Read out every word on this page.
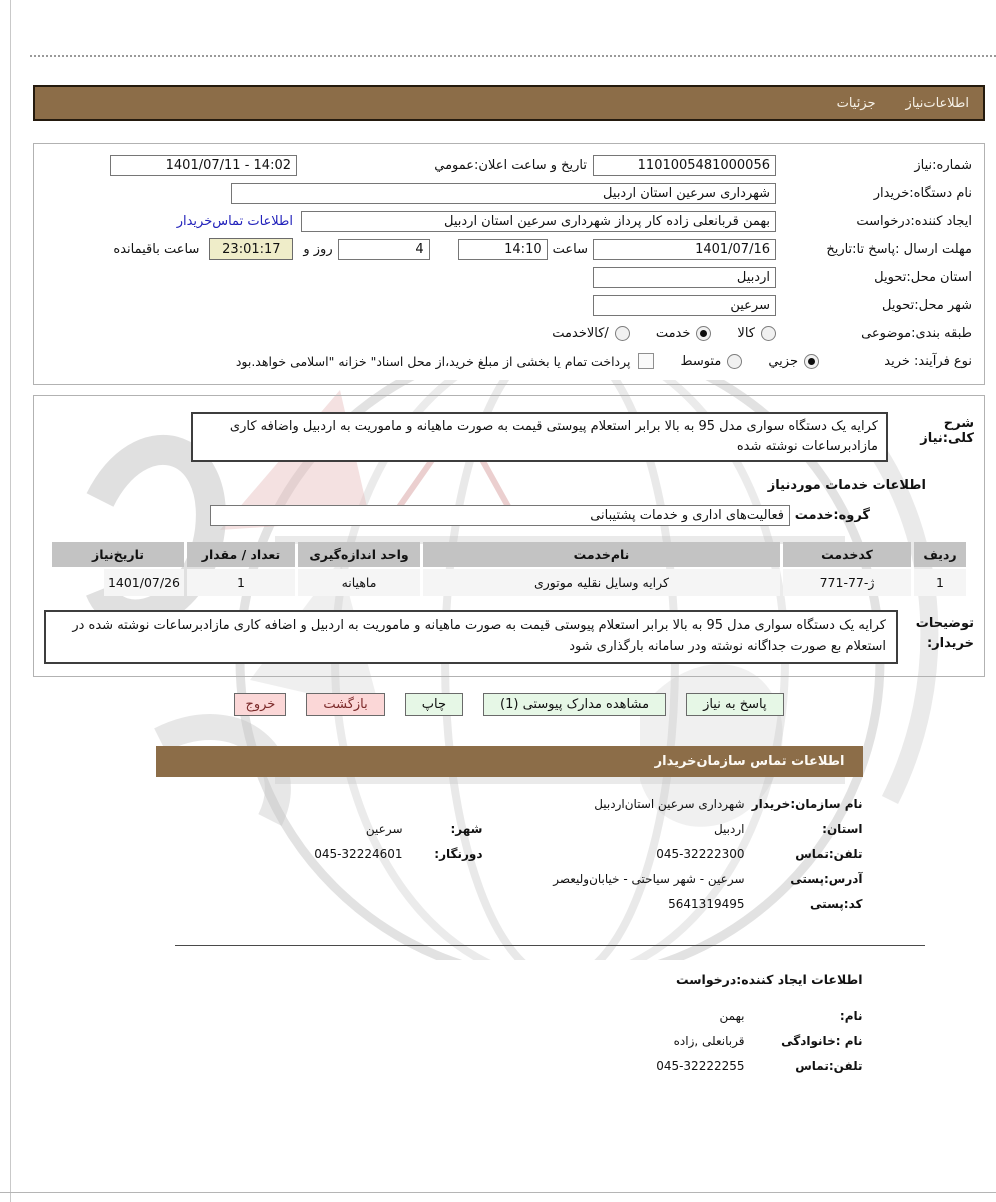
اطلاعات‌نیاز
جزئیات
شماره:نیاز
1101005481000056
تاریخ و ساعت اعلان:عمومي
1401/07/11 - 14:02
نام دستگاه:خریدار
شهرداری سرعین استان اردبیل
ایجاد کننده:درخواست
بهمن قربانعلی زاده کار پرداز شهرداری سرعین استان اردبیل
اطلاعات تماس‌خریدار
مهلت ارسال :پاسخ تا:تاریخ
1401/07/16
ساعت
14:10
4
روز و
23:01:17
ساعت باقیمانده
استان محل:تحویل
اردبیل
شهر محل:تحویل
سرعین
طبقه بندی:موضوعی
کالا
خدمت
/کالاخدمت
نوع فرآیند: خرید
جزیي
متوسط
پرداخت تمام یا بخشی از مبلغ خرید،از محل اسناد" خزانه "اسلامی خواهد.بود
شرح کلی:نیاز
کرایه یک دستگاه سواری مدل 95 به بالا برابر استعلام پیوستی قیمت به صورت ماهیانه و ماموریت به اردبیل واضافه کاری مازادبرساعات نوشته شده
اطلاعات خدمات موردنیاز
گروه:خدمت
فعالیت‌های اداری و خدمات پشتیبانی
ردیف	کدخدمت	نام‌خدمت	واحد اندازه‌گیری	تعداد / مقدار	تاریخ‌نیاز
1	ژ-77-771	کرایه وسایل نقلیه موتوری	ماهیانه	1	1401/07/26
توضیحات
خریدار:
کرایه یک دستگاه سواری مدل 95 به بالا برابر استعلام پیوستی قیمت به صورت ماهیانه و ماموریت به اردبیل و اضافه کاری مازادبرساعات نوشته شده در استعلام بع صورت جداگانه نوشته ودر سامانه بارگذاری شود
پاسخ به نیاز
مشاهده مدارک پیوستی (1)
چاپ
بازگشت
خروج
اطلاعات تماس سازمان‌خریدار
نام سازمان:خریدار
شهرداری سرعین استان‌اردبیل
استان:
اردبیل
شهر:
سرعین
تلفن:تماس
045-32222300
دورنگار:
045-32224601
آدرس:پستی
سرعین - شهر سیاحتی - خیابان‌ولیعصر
کد:پستی
5641319495
اطلاعات ایجاد کننده:درخواست
نام:
بهمن
نام :خانوادگی
قربانعلی ,زاده
تلفن:تماس
045-32222255
